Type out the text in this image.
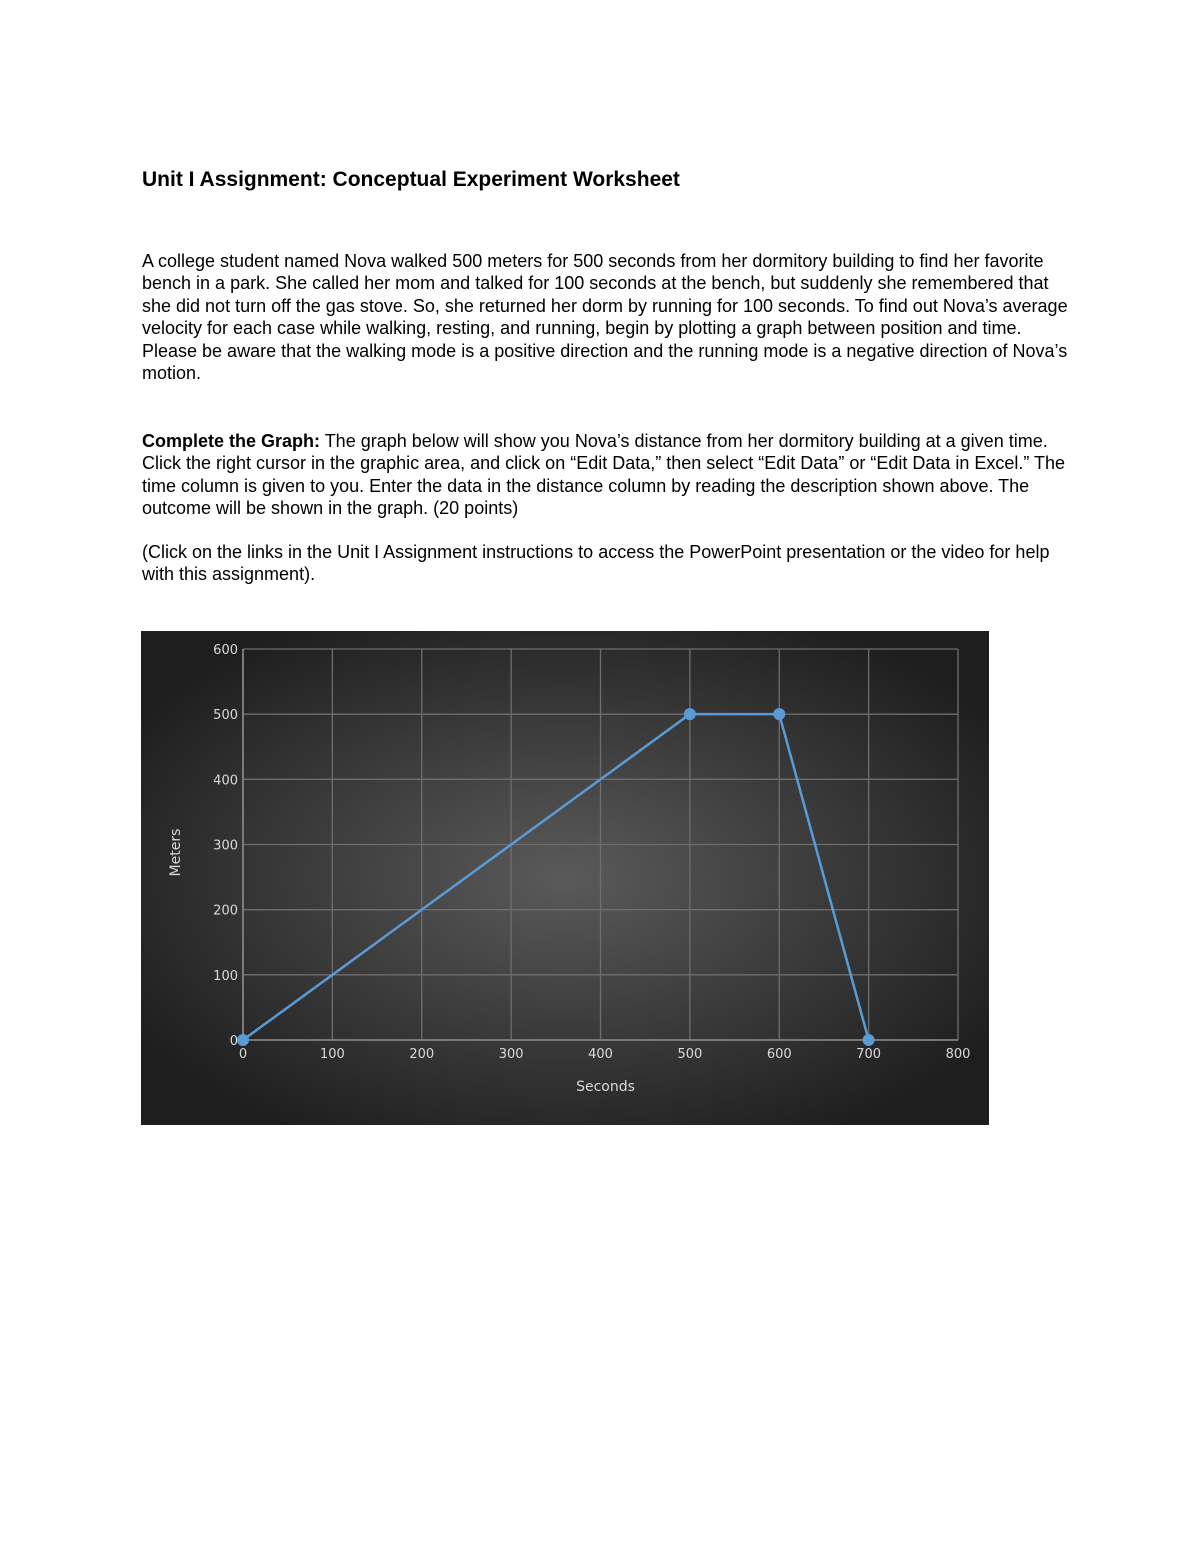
Unit I Assignment: Conceptual Experiment Worksheet

A college student named Nova walked 500 meters for 500 seconds from her dormitory building to find her favorite bench in a park. She called her mom and talked for 100 seconds at the bench, but suddenly she remembered that she did not turn off the gas stove. So, she returned her dorm by running for 100 seconds. To find out Nova’s average velocity for each case while walking, resting, and running, begin by plotting a graph between position and time. Please be aware that the walking mode is a positive direction and the running mode is a negative direction of Nova’s motion.

Complete the Graph: The graph below will show you Nova’s distance from her dormitory building at a given time. Click the right cursor in the graphic area, and click on “Edit Data,” then select “Edit Data” or “Edit Data in Excel.” The time column is given to you. Enter the data in the distance column by reading the description shown above. The outcome will be shown in the graph. (20 points)

(Click on the links in the Unit I Assignment instructions to access the PowerPoint presentation or the video for help with this assignment).

0	100	200	300	400	500	600	700	800
0
100
200
300
400
500
600
Seconds
Meters
